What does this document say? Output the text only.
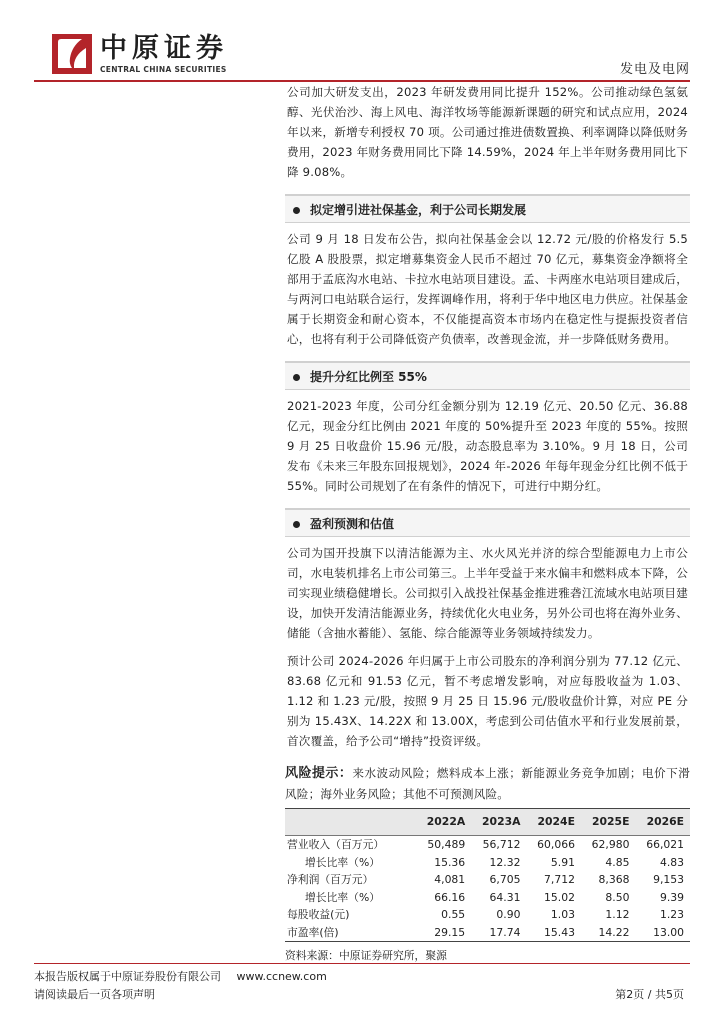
中原证券
CENTRAL CHINA SECURITIES	发电及电网

公司加大研发支出，2023 年研发费用同比提升 152%。公司推动绿色氢氨醇、光伏治沙、海上风电、海洋牧场等能源新课题的研究和试点应用，2024 年以来，新增专利授权 70 项。公司通过推进债数置换、利率调降以降低财务费用，2023 年财务费用同比下降 14.59%，2024 年上半年财务费用同比下降 9.08%。

拟定增引进社保基金，利于公司长期发展

公司 9 月 18 日发布公告，拟向社保基金会以 12.72 元/股的价格发行 5.5 亿股 A 股股票，拟定增募集资金人民币不超过 70 亿元，募集资金净额将全部用于孟底沟水电站、卡拉水电站项目建设。孟、卡两座水电站项目建成后，与两河口电站联合运行，发挥调峰作用，将利于华中地区电力供应。社保基金属于长期资金和耐心资本，不仅能提高资本市场内在稳定性与提振投资者信心，也将有利于公司降低资产负债率，改善现金流，并一步降低财务费用。

提升分红比例至 55%

2021-2023 年度，公司分红金额分别为 12.19 亿元、20.50 亿元、36.88 亿元，现金分红比例由 2021 年度的 50%提升至 2023 年度的 55%。按照 9 月 25 日收盘价 15.96 元/股，动态股息率为 3.10%。9 月 18 日，公司发布《未来三年股东回报规划》，2024 年-2026 年每年现金分红比例不低于 55%。同时公司规划了在有条件的情况下，可进行中期分红。

盈利预测和估值

公司为国开投旗下以清洁能源为主、水火风光并济的综合型能源电力上市公司，水电装机排名上市公司第三。上半年受益于来水偏丰和燃料成本下降，公司实现业绩稳健增长。公司拟引入战投社保基金推进雅砻江流域水电站项目建设，加快开发清洁能源业务，持续优化火电业务，另外公司也将在海外业务、储能（含抽水蓄能）、氢能、综合能源等业务领域持续发力。

预计公司 2024-2026 年归属于上市公司股东的净利润分别为 77.12 亿元、83.68 亿元和 91.53 亿元，暂不考虑增发影响，对应每股收益为 1.03、1.12 和 1.23 元/股，按照 9 月 25 日 15.96 元/股收盘价计算，对应 PE 分别为 15.43X、14.22X 和 13.00X，考虑到公司估值水平和行业发展前景，首次覆盖，给予公司“增持”投资评级。

风险提示：来水波动风险；燃料成本上涨；新能源业务竞争加剧；电价下滑风险；海外业务风险；其他不可预测风险。

	2022A	2023A	2024E	2025E	2026E
营业收入（百万元）	50,489	56,712	60,066	62,980	66,021
增长比率（%）	15.36	12.32	5.91	4.85	4.83
净利润（百万元）	4,081	6,705	7,712	8,368	9,153
增长比率（%）	66.16	64.31	15.02	8.50	9.39
每股收益(元)	0.55	0.90	1.03	1.12	1.23
市盈率(倍)	29.15	17.74	15.43	14.22	13.00
资料来源：中原证券研究所，聚源
本报告版权属于中原证券股份有限公司 www.ccnew.com
请阅读最后一页各项声明	第2页 / 共5页
